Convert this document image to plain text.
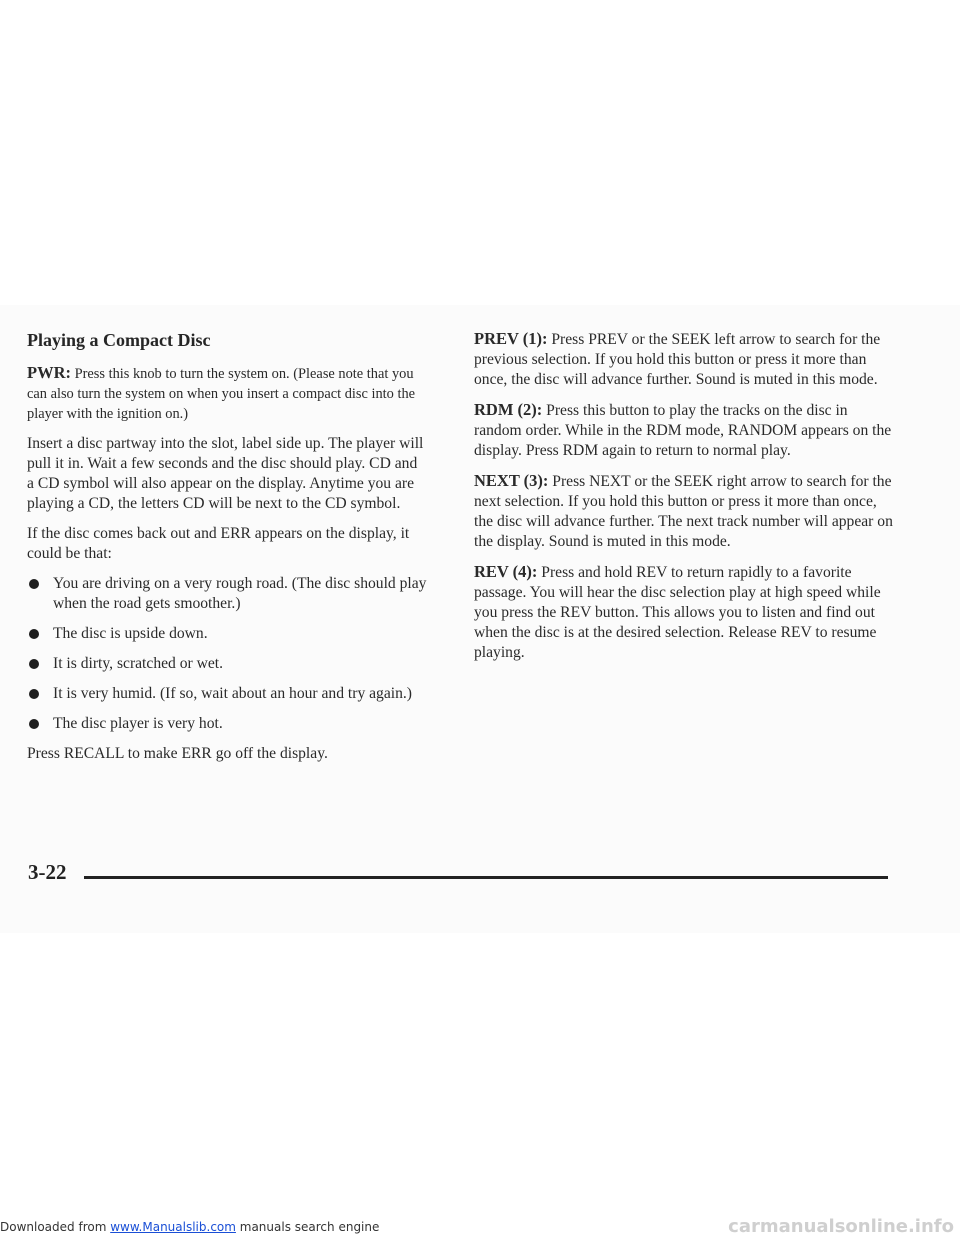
Playing a Compact Disc

PWR: Press this knob to turn the system on. (Please note that you can also turn the system on when you insert a compact disc into the player with the ignition on.)

Insert a disc partway into the slot, label side up. The player will pull it in. Wait a few seconds and the disc should play. CD and a CD symbol will also appear on the display. Anytime you are playing a CD, the letters CD will be next to the CD symbol.

If the disc comes back out and ERR appears on the display, it could be that:

You are driving on a very rough road. (The disc should play when the road gets smoother.)
The disc is upside down.
It is dirty, scratched or wet.
It is very humid. (If so, wait about an hour and try again.)
The disc player is very hot.

Press RECALL to make ERR go off the display.

PREV (1): Press PREV or the SEEK left arrow to search for the previous selection. If you hold this button or press it more than once, the disc will advance further. Sound is muted in this mode.

RDM (2): Press this button to play the tracks on the disc in random order. While in the RDM mode, RANDOM appears on the display. Press RDM again to return to normal play.

NEXT (3): Press NEXT or the SEEK right arrow to search for the next selection. If you hold this button or press it more than once, the disc will advance further. The next track number will appear on the display. Sound is muted in this mode.

REV (4): Press and hold REV to return rapidly to a favorite passage. You will hear the disc selection play at high speed while you press the REV button. This allows you to listen and find out when the disc is at the desired selection. Release REV to resume playing.

3-22
Downloaded from www.Manualslib.com manuals search engine	carmanualsonline.info
